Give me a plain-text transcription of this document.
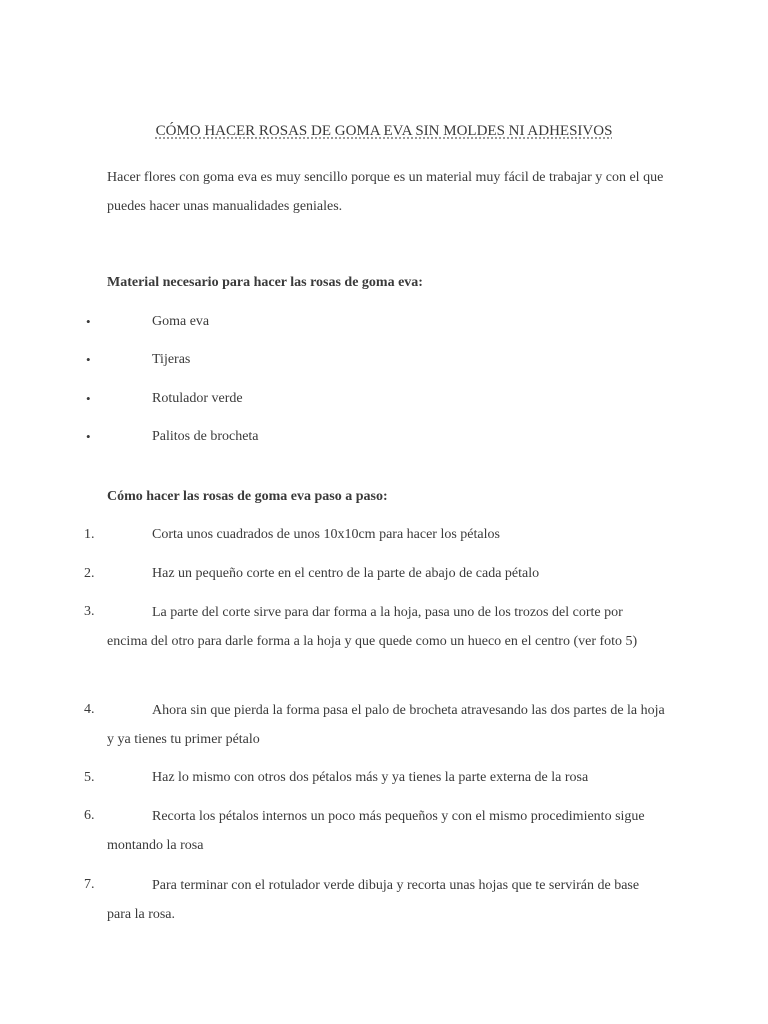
CÓMO HACER ROSAS DE GOMA EVA SIN MOLDES NI ADHESIVOS
Hacer flores con goma eva es muy sencillo porque es un material muy fácil de trabajar y con el que puedes hacer unas manualidades geniales.
Material necesario para hacer las rosas de goma eva:
•	Goma eva
•	Tijeras
•	Rotulador verde
•	Palitos de brocheta
Cómo hacer las rosas de goma eva paso a paso:
1.	Corta unos cuadrados de unos 10x10cm para hacer los pétalos
2.	Haz un pequeño corte en el centro de la parte de abajo de cada pétalo
3.	La parte del corte sirve para dar forma a la hoja, pasa uno de los trozos del corte por encima del otro para darle forma a la hoja y que quede como un hueco en el centro (ver foto 5)
4.	Ahora sin que pierda la forma pasa el palo de brocheta atravesando las dos partes de la hoja y ya tienes tu primer pétalo
5.	Haz lo mismo con otros dos pétalos más y ya tienes la parte externa de la rosa
6.	Recorta los pétalos internos un poco más pequeños y con el mismo procedimiento sigue montando la rosa
7.	Para terminar con el rotulador verde dibuja y recorta unas hojas que te servirán de base para la rosa.
